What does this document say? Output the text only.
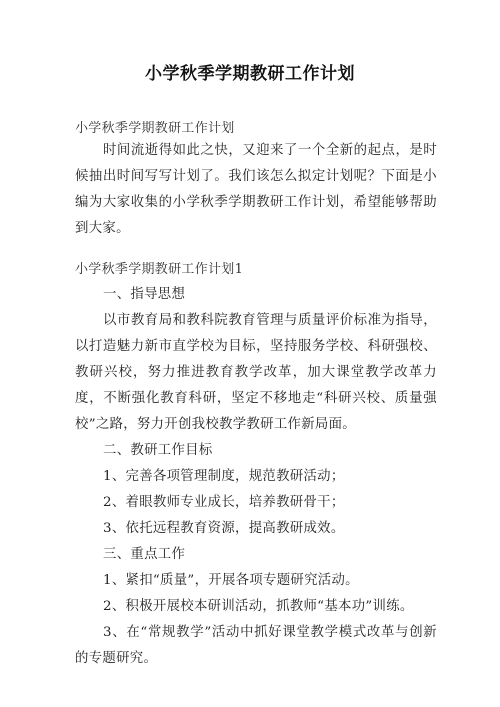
小学秋季学期教研工作计划
小学秋季学期教研工作计划

时间流逝得如此之快，又迎来了一个全新的起点，是时候抽出时间写写计划了。我们该怎么拟定计划呢？下面是小编为大家收集的小学秋季学期教研工作计划，希望能够帮助到大家。

小学秋季学期教研工作计划1

一、指导思想

以市教育局和教科院教育管理与质量评价标准为指导，以打造魅力新市直学校为目标，坚持服务学校、科研强校、教研兴校，努力推进教育教学改革，加大课堂教学改革力度，不断强化教育科研，坚定不移地走“科研兴校、质量强校”之路，努力开创我校教学教研工作新局面。

二、教研工作目标

1、完善各项管理制度，规范教研活动；

2、着眼教师专业成长，培养教研骨干；

3、依托远程教育资源，提高教研成效。

三、重点工作

1、紧扣“质量”，开展各项专题研究活动。

2、积极开展校本研训活动，抓教师“基本功”训练。

3、在“常规教学”活动中抓好课堂教学模式改革与创新的专题研究。
